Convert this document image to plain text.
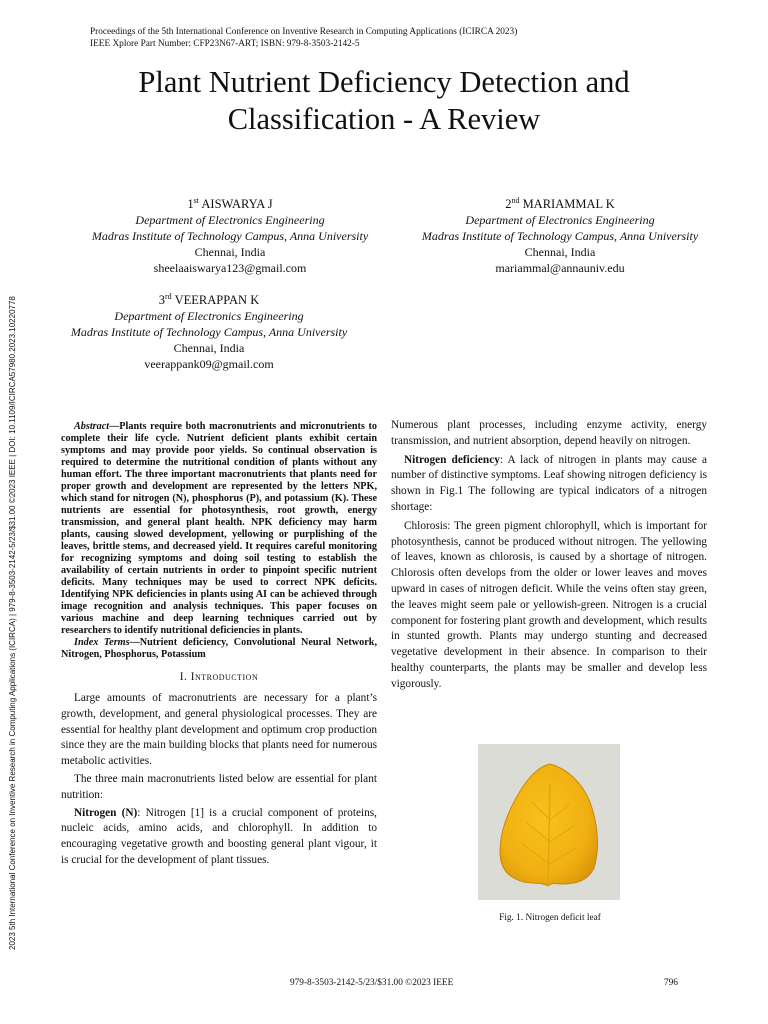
2023 5th International Conference on Inventive Research in Computing Applications (ICIRCA) | 979-8-3503-2142-5/23/$31.00 ©2023 IEEE | DOI: 10.1109/ICIRCA57980.2023.10220778
Proceedings of the 5th International Conference on Inventive Research in Computing Applications (ICIRCA 2023)
IEEE Xplore Part Number: CFP23N67-ART; ISBN: 979-8-3503-2142-5
Plant Nutrient Deficiency Detection and
Classification - A Review
1st AISWARYA J
Department of Electronics Engineering
Madras Institute of Technology Campus, Anna University
Chennai, India
sheelaaiswarya123@gmail.com
2nd MARIAMMAL K
Department of Electronics Engineering
Madras Institute of Technology Campus, Anna University
Chennai, India
mariammal@annauniv.edu
3rd VEERAPPAN K
Department of Electronics Engineering
Madras Institute of Technology Campus, Anna University
Chennai, India
veerappank09@gmail.com

Abstract—Plants require both macronutrients and micronutrients to complete their life cycle. Nutrient deficient plants exhibit certain symptoms and may provide poor yields. So continual observation is required to determine the nutritional condition of plants without any human effort. The three important macronutrients that plants need for proper growth and development are represented by the letters NPK, which stand for nitrogen (N), phosphorus (P), and potassium (K). These nutrients are essential for photosynthesis, root growth, energy transmission, and general plant health. NPK deficiency may harm plants, causing slowed development, yellowing or purplishing of the leaves, brittle stems, and decreased yield. It requires careful monitoring for recognizing symptoms and doing soil testing to establish the availability of certain nutrients in order to pinpoint specific nutrient deficits. Many techniques may be used to correct NPK deficits. Identifying NPK deficiencies in plants using AI can be achieved through image recognition and analysis techniques. This paper focuses on various machine and deep learning techniques carried out by researchers to identify nutritional deficiencies in plants.

Index Terms—Nutrient deficiency, Convolutional Neural Network, Nitrogen, Phosphorus, Potassium

I. Introduction

Large amounts of macronutrients are necessary for a plant’s growth, development, and general physiological processes. They are essential for healthy plant development and optimum crop production since they are the main building blocks that plants need for numerous metabolic activities.

The three main macronutrients listed below are essential for plant nutrition:

Nitrogen (N): Nitrogen [1] is a crucial component of proteins, nucleic acids, amino acids, and chlorophyll. In addition to encouraging vegetative growth and boosting general plant vigour, it is crucial for the development of plant tissues.

Numerous plant processes, including enzyme activity, energy transmission, and nutrient absorption, depend heavily on nitrogen.

Nitrogen deficiency: A lack of nitrogen in plants may cause a number of distinctive symptoms. Leaf showing nitrogen deficiency is shown in Fig.1 The following are typical indicators of a nitrogen shortage:

Chlorosis: The green pigment chlorophyll, which is important for photosynthesis, cannot be produced without nitrogen. The yellowing of leaves, known as chlorosis, is caused by a shortage of nitrogen. Chlorosis often develops from the older or lower leaves and moves upward in cases of nitrogen deficit. While the veins often stay green, the leaves might seem pale or yellowish-green. Nitrogen is a crucial component for fostering plant growth and development, which results in stunted growth. Plants may undergo stunting and decreased vegetative development in their absence. In comparison to their healthy counterparts, the plants may be smaller and develop less vigorously.

Fig. 1. Nitrogen deficit leaf
979-8-3503-2142-5/23/$31.00 ©2023 IEEE	796
